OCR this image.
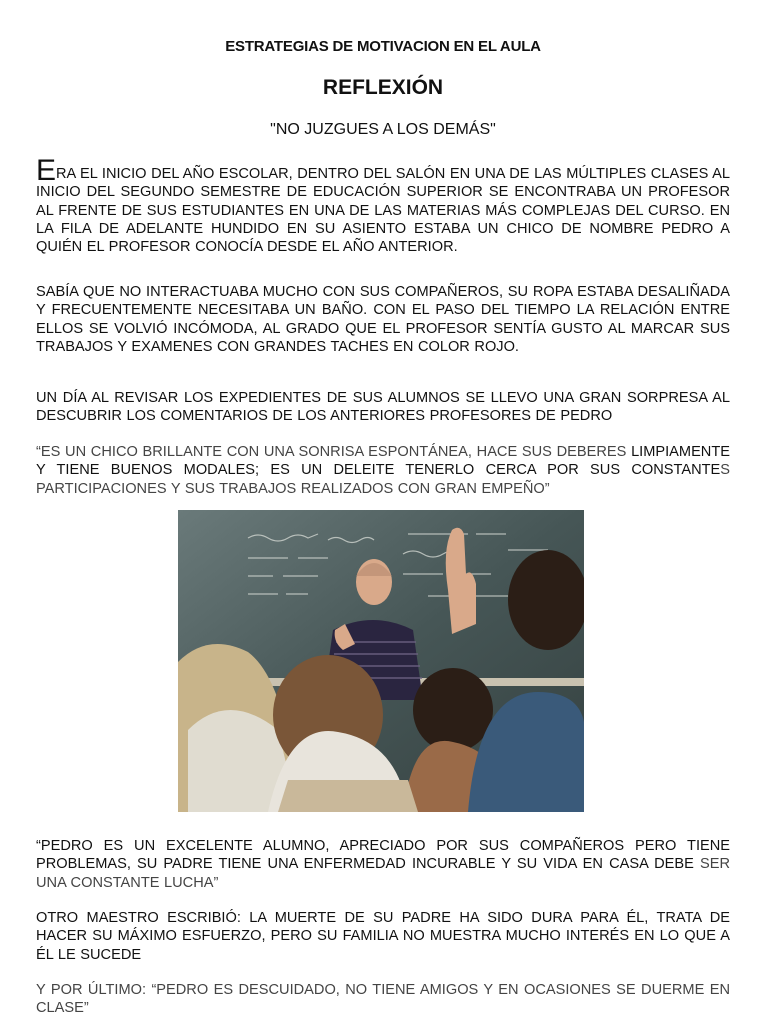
ESTRATEGIAS DE MOTIVACION EN EL AULA
REFLEXIÓN
"NO JUZGUES A LOS DEMÁS"
ERA EL INICIO DEL AÑO ESCOLAR, DENTRO DEL SALÓN EN UNA DE LAS MÚLTIPLES CLASES AL INICIO DEL SEGUNDO SEMESTRE DE EDUCACIÓN SUPERIOR SE ENCONTRABA UN PROFESOR AL FRENTE DE SUS ESTUDIANTES EN UNA DE LAS MATERIAS MÁS COMPLEJAS DEL CURSO. EN LA FILA DE ADELANTE HUNDIDO EN SU ASIENTO ESTABA UN CHICO DE NOMBRE PEDRO A QUIÉN EL PROFESOR CONOCÍA DESDE EL AÑO ANTERIOR.
SABÍA QUE NO INTERACTUABA MUCHO CON SUS COMPAÑEROS, SU ROPA ESTABA DESALIÑADA Y FRECUENTEMENTE NECESITABA UN BAÑO. CON EL PASO DEL TIEMPO LA RELACIÓN ENTRE ELLOS SE VOLVIÓ INCÓMODA, AL GRADO QUE EL PROFESOR SENTÍA GUSTO AL MARCAR SUS TRABAJOS Y EXAMENES CON GRANDES TACHES EN COLOR ROJO.
UN DÍA AL REVISAR LOS EXPEDIENTES DE SUS ALUMNOS SE LLEVO UNA GRAN SORPRESA AL DESCUBRIR LOS COMENTARIOS DE LOS ANTERIORES PROFESORES DE PEDRO
“ES UN CHICO BRILLANTE CON UNA SONRISA ESPONTÁNEA, HACE SUS DEBERES LIMPIAMENTE Y TIENE BUENOS MODALES; ES UN DELEITE TENERLO CERCA POR SUS CONSTANTES PARTICIPACIONES Y SUS TRABAJOS REALIZADOS CON GRAN EMPEÑO”
“PEDRO ES UN EXCELENTE ALUMNO, APRECIADO POR SUS COMPAÑEROS PERO TIENE PROBLEMAS, SU PADRE TIENE UNA ENFERMEDAD INCURABLE Y SU VIDA EN CASA DEBE SER UNA CONSTANTE LUCHA”
OTRO MAESTRO ESCRIBIÓ: LA MUERTE DE SU PADRE HA SIDO DURA PARA ÉL, TRATA DE HACER SU MÁXIMO ESFUERZO, PERO SU FAMILIA NO MUESTRA MUCHO INTERÉS EN LO QUE A ÉL LE SUCEDE
Y POR ÚLTIMO: “PEDRO ES DESCUIDADO, NO TIENE AMIGOS Y EN OCASIONES SE DUERME EN CLASE”
